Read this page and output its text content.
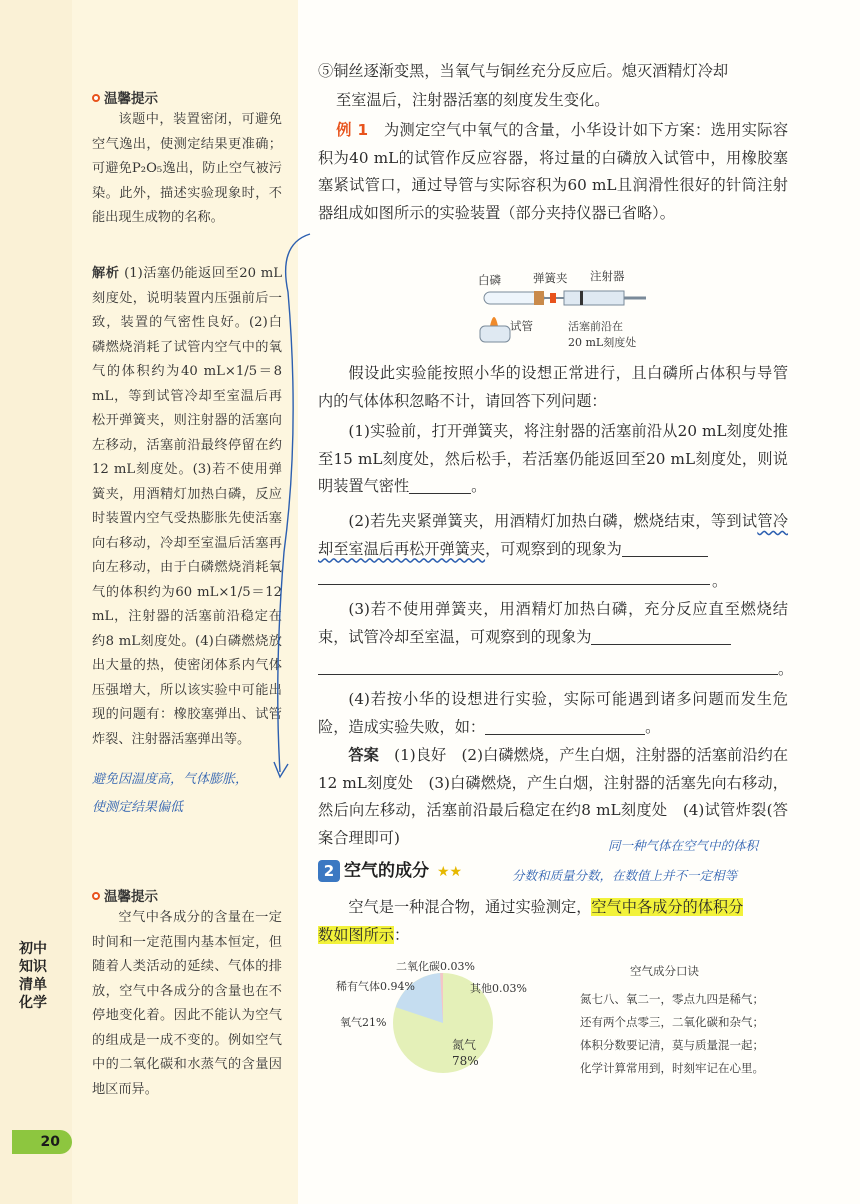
温馨提示
该题中，装置密闭，可避免空气逸出，使测定结果更准确；可避免P₂O₅逸出，防止空气被污染。此外，描述实验现象时，不能出现生成物的名称。
解析 (1)活塞仍能返回至20 mL刻度处，说明装置内压强前后一致，装置的气密性良好。(2)白磷燃烧消耗了试管内空气中的氧气的体积约为40 mL×1/5＝8 mL，等到试管冷却至室温后再松开弹簧夹，则注射器的活塞向左移动，活塞前沿最终停留在约12 mL刻度处。(3)若不使用弹簧夹，用酒精灯加热白磷，反应时装置内空气受热膨胀先使活塞向右移动，冷却至室温后活塞再向左移动，由于白磷燃烧消耗氧气的体积约为60 mL×1/5＝12 mL，注射器的活塞前沿稳定在约8 mL刻度处。(4)白磷燃烧放出大量的热，使密闭体系内气体压强增大，所以该实验中可能出现的问题有：橡胶塞弹出、试管炸裂、注射器活塞弹出等。
避免因温度高，气体膨胀，
使测定结果偏低
温馨提示
空气中各成分的含量在一定时间和一定范围内基本恒定，但随着人类活动的延续、气体的排放，空气中各成分的含量也在不停地变化着。因此不能认为空气的组成是一成不变的。例如空气中的二氧化碳和水蒸气的含量因地区而异。
初中知识清单 化学
20
⑤铜丝逐渐变黑，当氧气与铜丝充分反应后。熄灭酒精灯冷却
至室温后，注射器活塞的刻度发生变化。
例 1　 为测定空气中氧气的含量，小华设计如下方案：选用实际容积为40 mL的试管作反应容器，将过量的白磷放入试管中，用橡胶塞塞紧试管口，通过导管与实际容积为60 mL且润滑性很好的针筒注射器组成如图所示的实验装置（部分夹持仪器已省略）。
白磷	弹簧夹 注射器
试管	活塞前沿在
20 mL刻度处
假设此实验能按照小华的设想正常进行，且白磷所占体积与导管内的气体体积忽略不计，请回答下列问题：
(1)实验前，打开弹簧夹，将注射器的活塞前沿从20 mL刻度处推至15 mL刻度处，然后松手，若活塞仍能返回至20 mL刻度处，则说明装置气密性	。
(2)若先夹紧弹簧夹，用酒精灯加热白磷，燃烧结束，等到试管冷却至室温后再松开弹簧夹，可观察到的现象为
。
(3)若不使用弹簧夹，用酒精灯加热白磷，充分反应直至燃烧结束，试管冷却至室温，可观察到的现象为
。
(4)若按小华的设想进行实验，实际可能遇到诸多问题而发生危险，造成实验失败，如：	。
答案　 (1)良好　(2)白磷燃烧，产生白烟，注射器的活塞前沿约在12 mL刻度处　(3)白磷燃烧，产生白烟，注射器的活塞先向右移动，然后向左移动，活塞前沿最后稳定在约8 mL刻度处　(4)试管炸裂(答案合理即可)	同一种气体在空气中的体积
分数和质量分数，在数值上并不一定相等
2 空气的成分 ★★
空气是一种混合物，通过实验测定，空气中各成分的体积分
数如图所示：
二氧化碳0.03%
稀有气体0.94%	其他0.03%
氧气21%
氮气
78%
空气成分口诀
氮七八、氧二一，零点九四是稀气；
还有两个点零三，二氧化碳和杂气；
体积分数要记清，莫与质量混一起；
化学计算常用到，时刻牢记在心里。
